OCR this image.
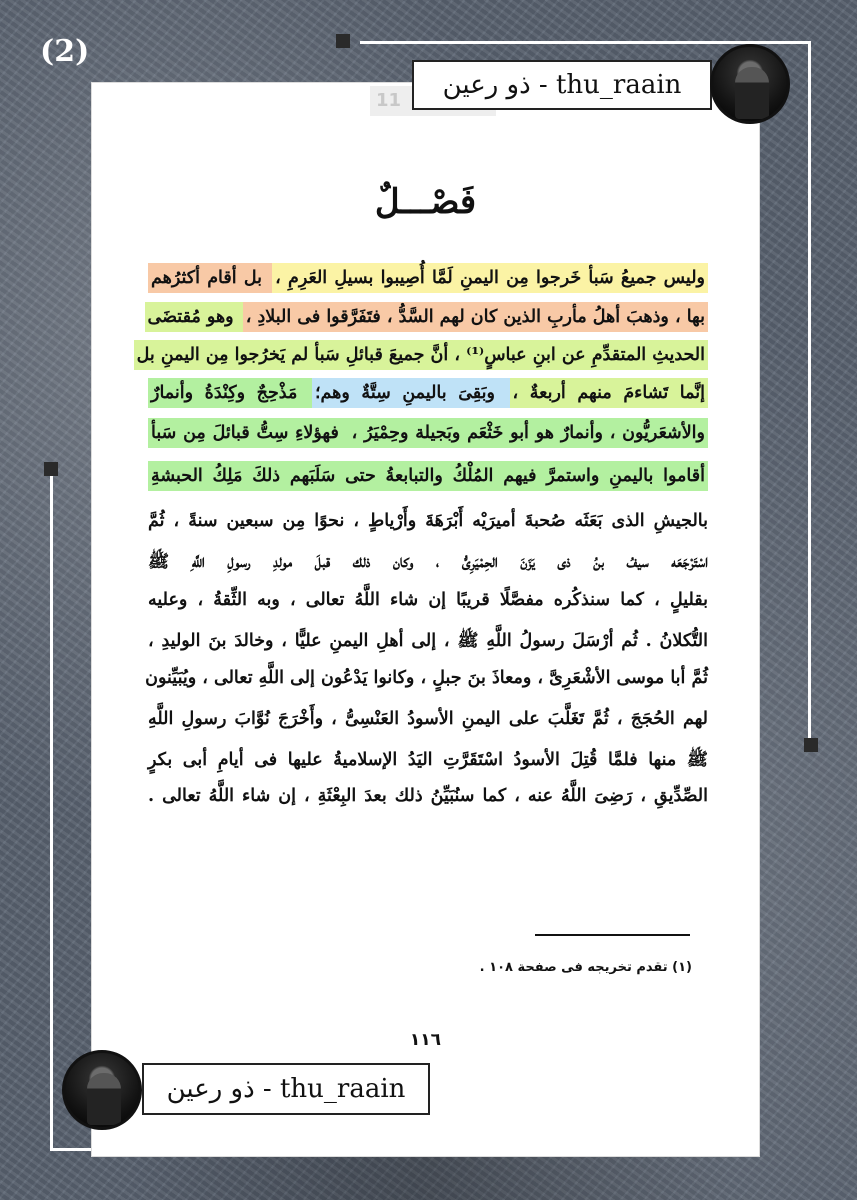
(2)
11
ذو رعين - thu_raain
ذو رعين - thu_raain
فَصْـــلٌ
وليس جميعُ سَبأ خَرجوا مِن اليمنِ لَمَّا أُصِيبوا بسيلِ العَرِمِ ، بل أقام أكثرُهم
بها ، وذهبَ أهلُ مأربِ الذين كان لهم السَّدُّ ، فتَفَرَّقوا فى البلادِ ، وهو مُقتضَى
الحديثِ المتقدِّمِ عن ابنِ عباسٍ⁽¹⁾ ، أنَّ جميعَ قبائلِ سَبأ لم يَخرُجوا مِن اليمنِ بل
إنَّما تَشاءمَ منهم أربعةٌ ، وبَقِىَ باليمنِ سِتَّةٌ وهم؛ مَذْحِجٌ وكِنْدَةُ وأنمارٌ
والأشعَريُّون ، وأنمارٌ هو أبو خَثْعَم وبَجيلة وحِمْيَرُ ، فهؤلاءِ سِتُّ قبائلَ مِن سَبأ
أقاموا باليمنِ واستمرَّ فيهم المُلْكُ والتبابعةُ حتى سَلَبَهم ذلكَ مَلِكُ الحبشةِ
بالجيشِ الذى بَعَثَه صُحبةَ أميرَيْه أَبْرَهَةَ وأَرْياطٍ ، نحوًا مِن سبعين سنةً ، ثُمَّ
اسْتَرْجَعَه سيفُ بنُ ذى يَزَنَ الحِمْيَرِىُّ ، وكان ذلك قبلَ مولدِ رسولِ اللَّهِ ﷺ
بقليلٍ ، كما سنذكُره مفصَّلًا قريبًا إن شاء اللَّهُ تعالى ، وبه الثِّقةُ ، وعليه
التُّكلانُ . ثُم أرْسَلَ رسولُ اللَّهِ ﷺ ، إلى أهلِ اليمنِ عليًّا ، وخالدَ بنَ الوليدِ ،
ثُمَّ أبا موسى الأشْعَرِىَّ ، ومعاذَ بنَ جبلٍ ، وكانوا يَدْعُون إلى اللَّهِ تعالى ، ويُبَيِّنون
لهم الحُجَجَ ، ثُمَّ تَغَلَّبَ على اليمنِ الأسودُ العَنْسِىُّ ، وأَخْرَجَ نُوَّابَ رسولِ اللَّهِ
ﷺ منها فلمَّا قُتِلَ الأسودُ اسْتَقَرَّتِ اليَدُ الإسلاميةُ عليها فى أيامِ أبى بكرٍ
الصِّدِّيقِ ، رَضِىَ اللَّهُ عنه ، كما سنُبَيِّنُ ذلك بعدَ البِعْثَةِ ، إن شاء اللَّهُ تعالى .
(١) تقدم تخريجه فى صفحة ١٠٨ .
١١٦
